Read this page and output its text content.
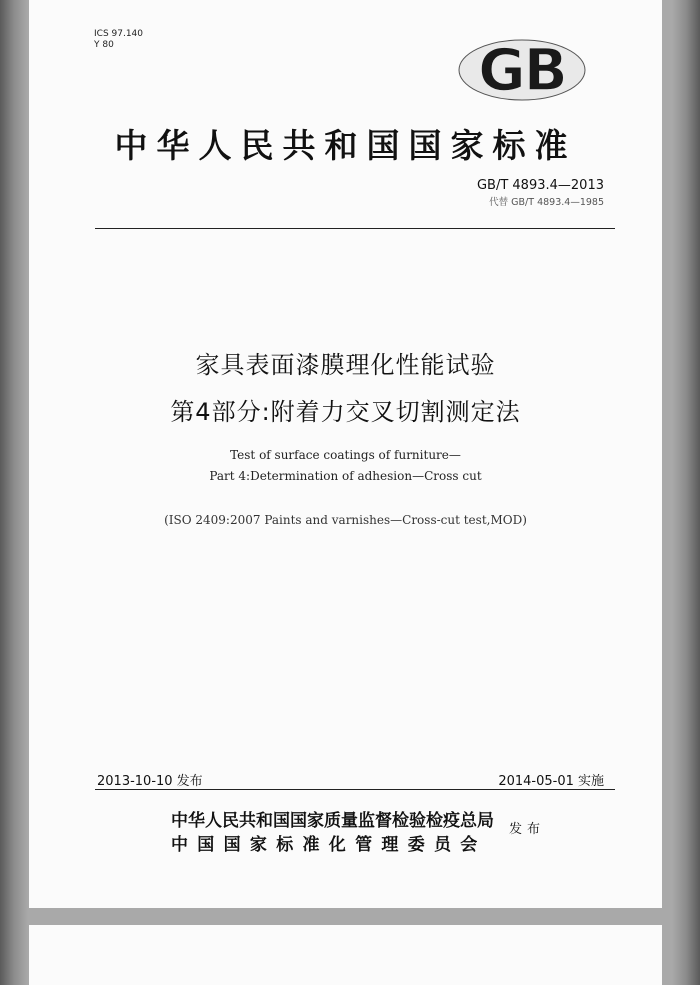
ICS 97.140
Y 80	GB
中华人民共和国国家标准
GB/T 4893.4—2013
代替 GB/T 4893.4—1985
家具表面漆膜理化性能试验
第4部分:附着力交叉切割测定法
Test of surface coatings of furniture—
Part 4:Determination of adhesion—Cross cut
(ISO 2409:2007 Paints and varnishes—Cross-cut test,MOD)
2013-10-10 发布	2014-05-01 实施
中华人民共和国国家质量监督检验检疫总局
中国国家标准化管理委员会
发布
